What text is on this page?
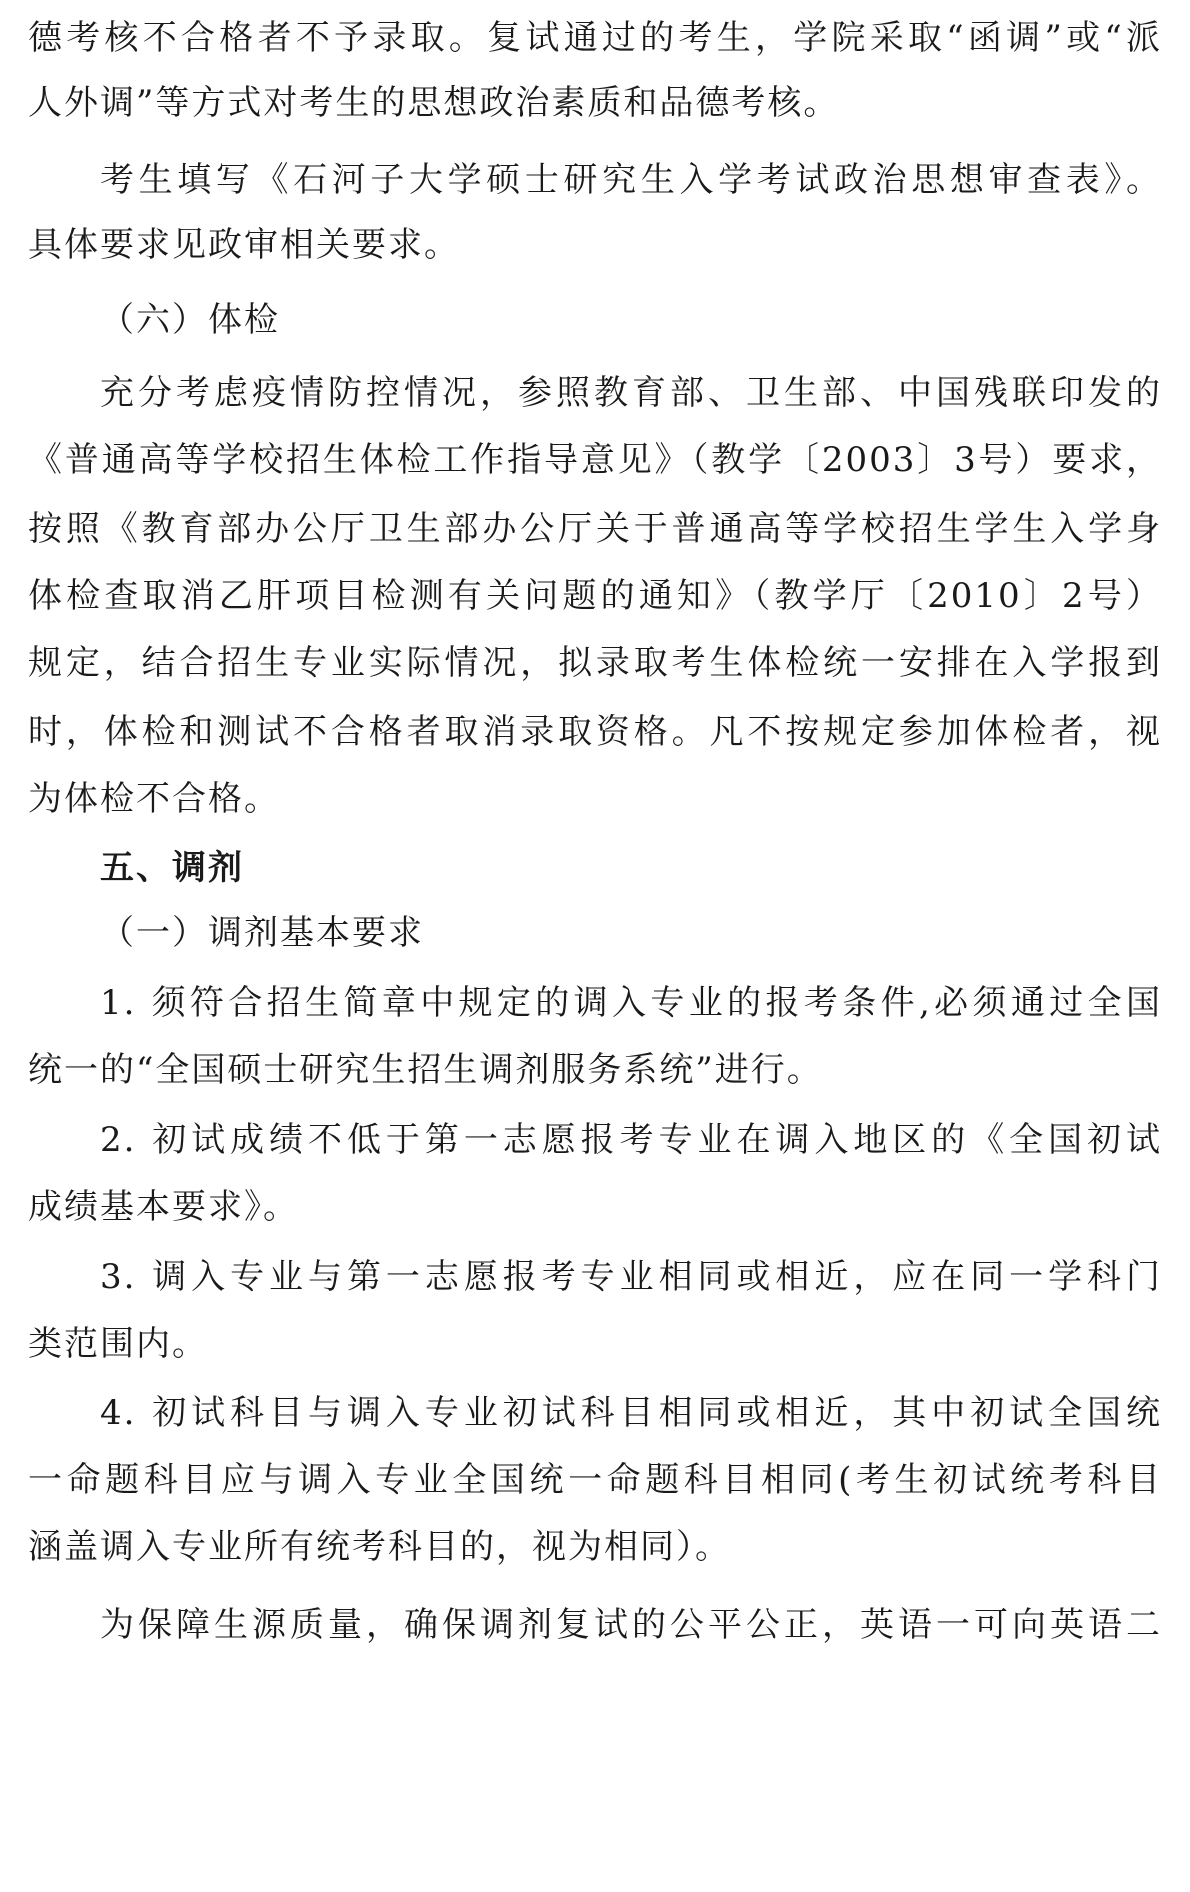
德考核不合格者不予录取。复试通过的考生，学院采取“函调”或“派
人外调”等方式对考生的思想政治素质和品德考核。
考生填写《石河子大学硕士研究生入学考试政治思想审查表》。
具体要求见政审相关要求。
（六）体检
充分考虑疫情防控情况，参照教育部、卫生部、中国残联印发的
《普通高等学校招生体检工作指导意见》（教学〔2003〕3号）要求，
按照《教育部办公厅卫生部办公厅关于普通高等学校招生学生入学身
体检查取消乙肝项目检测有关问题的通知》（教学厅〔2010〕2号）
规定，结合招生专业实际情况，拟录取考生体检统一安排在入学报到
时，体检和测试不合格者取消录取资格。凡不按规定参加体检者，视
为体检不合格。
五、调剂
（一）调剂基本要求
1. 须符合招生简章中规定的调入专业的报考条件,必须通过全国
统一的“全国硕士研究生招生调剂服务系统”进行。
2. 初试成绩不低于第一志愿报考专业在调入地区的《全国初试
成绩基本要求》。
3. 调入专业与第一志愿报考专业相同或相近，应在同一学科门
类范围内。
4. 初试科目与调入专业初试科目相同或相近，其中初试全国统
一命题科目应与调入专业全国统一命题科目相同(考生初试统考科目
涵盖调入专业所有统考科目的，视为相同）。
为保障生源质量，确保调剂复试的公平公正，英语一可向英语二
